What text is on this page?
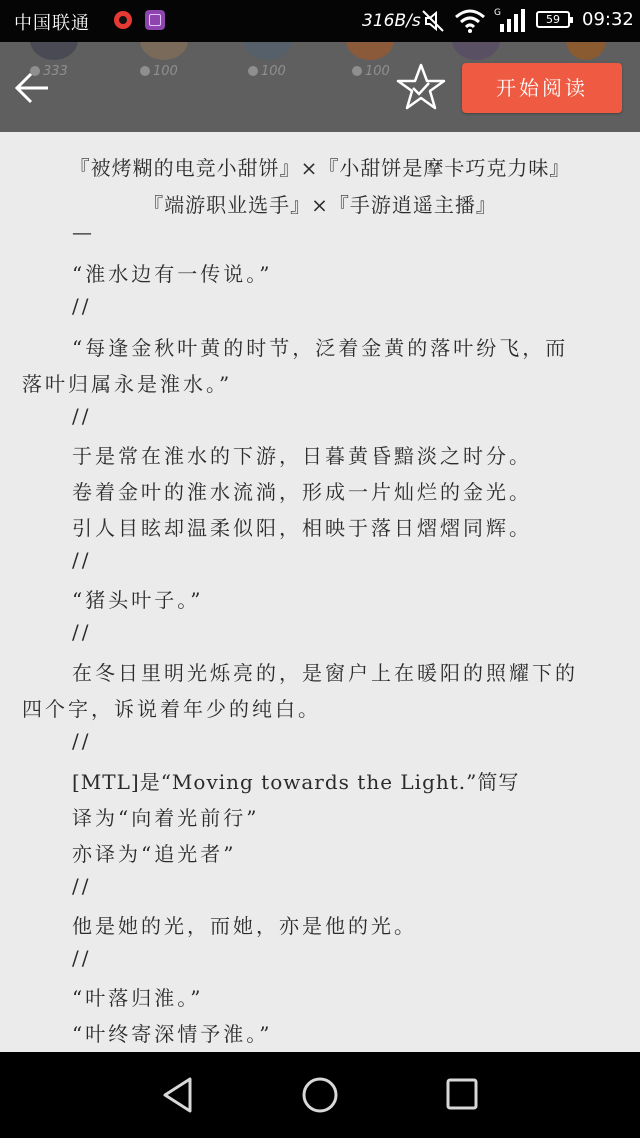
中国联通	316B/s	G	59	09:32
333	100	100	100
开始阅读
『被烤糊的电竞小甜饼』×『小甜饼是摩卡巧克力味』
『端游职业选手』×『手游逍遥主播』
—
“淮水边有一传说。”
//
“每逢金秋叶黄的时节，泛着金黄的落叶纷飞，而
落叶归属永是淮水。”
//
于是常在淮水的下游，日暮黄昏黯淡之时分。
卷着金叶的淮水流淌，形成一片灿烂的金光。
引人目眩却温柔似阳，相映于落日熠熠同辉。
//
“猪头叶子。”
//
在冬日里明光烁亮的，是窗户上在暖阳的照耀下的
四个字，诉说着年少的纯白。
//
[MTL]是“Moving towards the Light.”简写
译为“向着光前行”
亦译为“追光者”
//
他是她的光，而她，亦是他的光。
//
“叶落归淮。”
“叶终寄深情予淮。”
